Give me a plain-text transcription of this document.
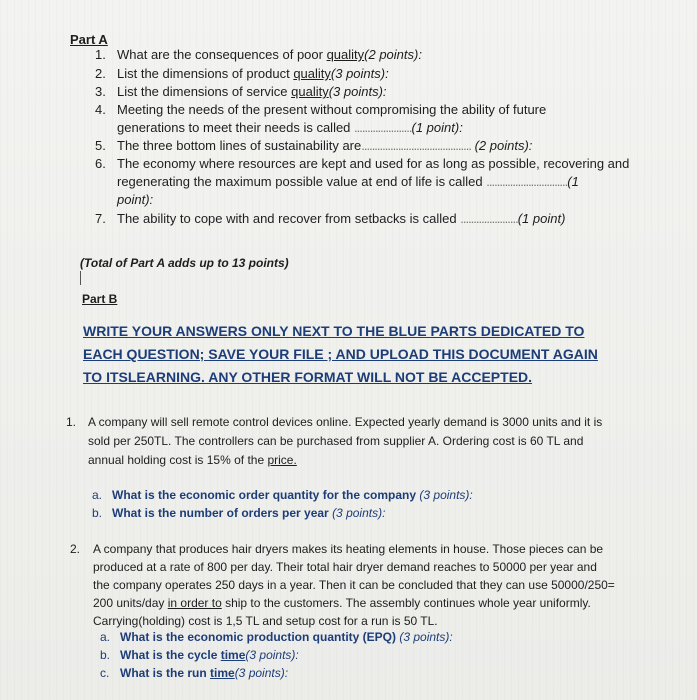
Part A
1. What are the consequences of poor quality(2 points):
2. List the dimensions of product quality(3 points):
3. List the dimensions of service quality(3 points):
4. Meeting the needs of the present without compromising the ability of future
generations to meet their needs is called ......................(1 point):
5. The three bottom lines of sustainability are.......................................... (2 points):
6. The economy where resources are kept and used for as long as possible, recovering and
regenerating the maximum possible value at end of life is called ...............................(1
point):
7. The ability to cope with and recover from setbacks is called ......................(1 point)
(Total of Part A adds up to 13 points)
Part B
WRITE YOUR ANSWERS ONLY NEXT TO THE BLUE PARTS DEDICATED TO
EACH QUESTION; SAVE YOUR FILE ; AND UPLOAD THIS DOCUMENT AGAIN
TO ITSLEARNING. ANY OTHER FORMAT WILL NOT BE ACCEPTED.
1. A company will sell remote control devices online. Expected yearly demand is 3000 units and it is
sold per 250TL. The controllers can be purchased from supplier A. Ordering cost is 60 TL and
annual holding cost is 15% of the price.
a. What is the economic order quantity for the company (3 points):
b. What is the number of orders per year (3 points):
2. A company that produces hair dryers makes its heating elements in house. Those pieces can be
produced at a rate of 800 per day. Their total hair dryer demand reaches to 50000 per year and
the company operates 250 days in a year. Then it can be concluded that they can use 50000/250=
200 units/day in order to ship to the customers. The assembly continues whole year uniformly.
Carrying(holding) cost is 1,5 TL and setup cost for a run is 50 TL.
a. What is the economic production quantity (EPQ) (3 points):
b. What is the cycle time(3 points):
c. What is the run time(3 points):
